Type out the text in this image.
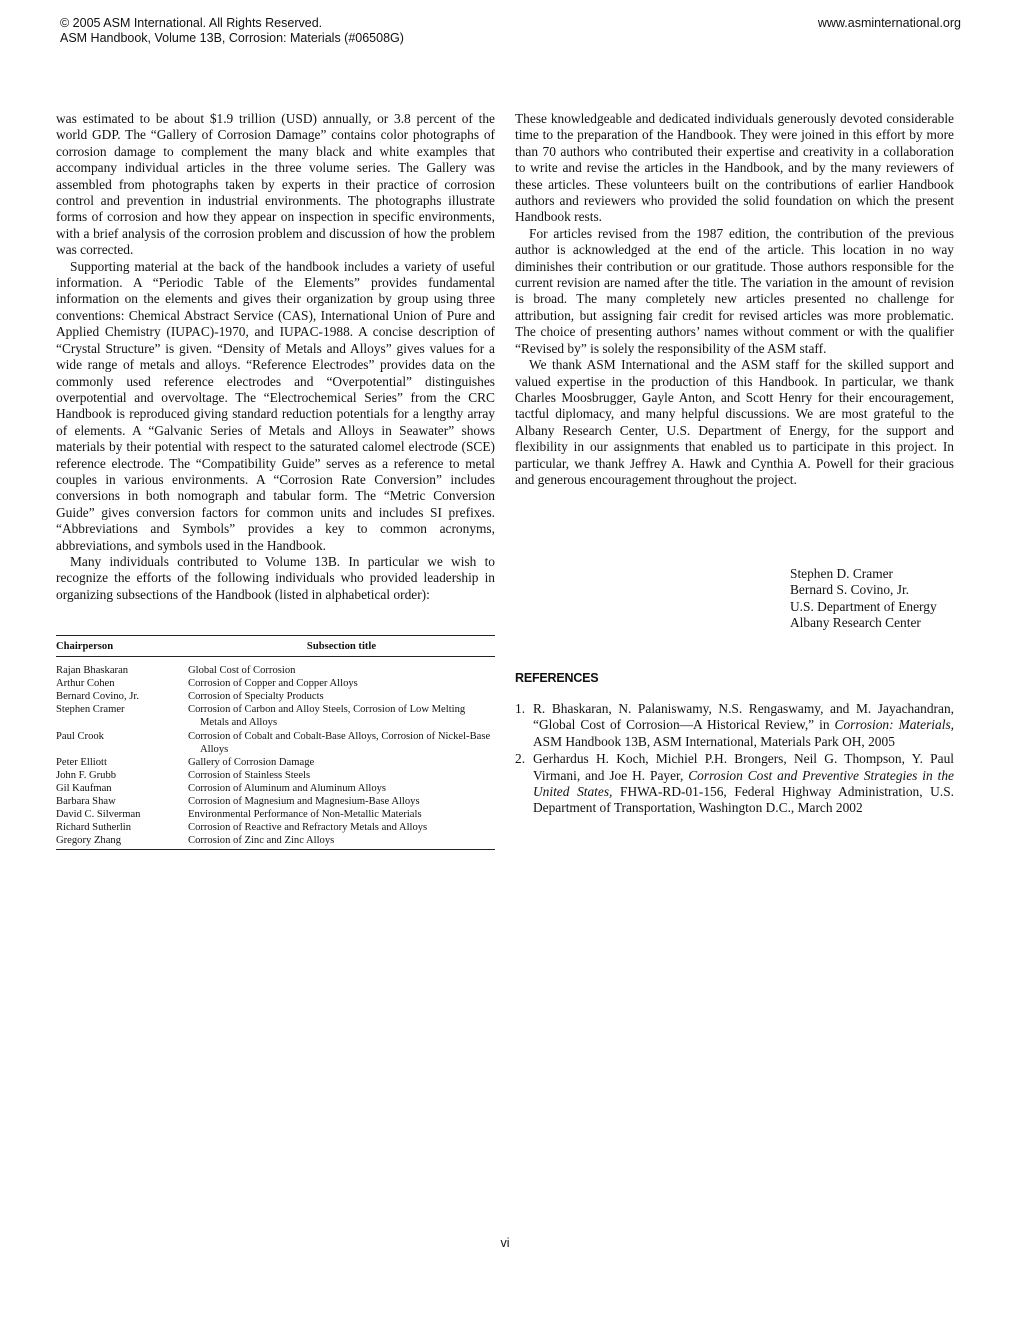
© 2005 ASM International. All Rights Reserved.
ASM Handbook, Volume 13B, Corrosion: Materials (#06508G)
www.asminternational.org

was estimated to be about $1.9 trillion (USD) annually, or 3.8 percent of the world GDP. The “Gallery of Corrosion Damage” contains color photographs of corrosion damage to complement the many black and white examples that accompany individual articles in the three volume series. The Gallery was assembled from photographs taken by experts in their practice of corrosion control and prevention in industrial environments. The photographs illustrate forms of corrosion and how they appear on inspection in specific environments, with a brief analysis of the corrosion problem and discussion of how the problem was corrected.

Supporting material at the back of the handbook includes a variety of useful information. A “Periodic Table of the Elements” provides fundamental information on the elements and gives their organization by group using three conventions: Chemical Abstract Service (CAS), International Union of Pure and Applied Chemistry (IUPAC)-1970, and IUPAC-1988. A concise description of “Crystal Structure” is given. “Density of Metals and Alloys” gives values for a wide range of metals and alloys. “Reference Electrodes” provides data on the commonly used reference electrodes and “Overpotential” distinguishes overpotential and overvoltage. The “Electrochemical Series” from the CRC Handbook is reproduced giving standard reduction potentials for a lengthy array of elements. A “Galvanic Series of Metals and Alloys in Seawater” shows materials by their potential with respect to the saturated calomel electrode (SCE) reference electrode. The “Compatibility Guide” serves as a reference to metal couples in various environments. A “Corrosion Rate Conversion” includes conversions in both nomograph and tabular form. The “Metric Conversion Guide” gives conversion factors for common units and includes SI prefixes. “Abbreviations and Symbols” provides a key to common acronyms, abbreviations, and symbols used in the Handbook.

Many individuals contributed to Volume 13B. In particular we wish to recognize the efforts of the following individuals who provided leadership in organizing subsections of the Handbook (listed in alphabetical order):

Chairperson	Subsection title
Rajan Bhaskaran	Global Cost of Corrosion
Arthur Cohen	Corrosion of Copper and Copper Alloys
Bernard Covino, Jr.	Corrosion of Specialty Products
Stephen Cramer	Corrosion of Carbon and Alloy Steels, Corrosion of Low Melting Metals and Alloys
Paul Crook	Corrosion of Cobalt and Cobalt-Base Alloys, Corrosion of Nickel-Base Alloys
Peter Elliott	Gallery of Corrosion Damage
John F. Grubb	Corrosion of Stainless Steels
Gil Kaufman	Corrosion of Aluminum and Aluminum Alloys
Barbara Shaw	Corrosion of Magnesium and Magnesium-Base Alloys
David C. Silverman	Environmental Performance of Non-Metallic Materials
Richard Sutherlin	Corrosion of Reactive and Refractory Metals and Alloys
Gregory Zhang	Corrosion of Zinc and Zinc Alloys

These knowledgeable and dedicated individuals generously devoted considerable time to the preparation of the Handbook. They were joined in this effort by more than 70 authors who contributed their expertise and creativity in a collaboration to write and revise the articles in the Handbook, and by the many reviewers of these articles. These volunteers built on the contributions of earlier Handbook authors and reviewers who provided the solid foundation on which the present Handbook rests.

For articles revised from the 1987 edition, the contribution of the previous author is acknowledged at the end of the article. This location in no way diminishes their contribution or our gratitude. Those authors responsible for the current revision are named after the title. The variation in the amount of revision is broad. The many completely new articles presented no challenge for attribution, but assigning fair credit for revised articles was more problematic. The choice of presenting authors’ names without comment or with the qualifier “Revised by” is solely the responsibility of the ASM staff.

We thank ASM International and the ASM staff for the skilled support and valued expertise in the production of this Handbook. In particular, we thank Charles Moosbrugger, Gayle Anton, and Scott Henry for their encouragement, tactful diplomacy, and many helpful discussions. We are most grateful to the Albany Research Center, U.S. Department of Energy, for the support and flexibility in our assignments that enabled us to participate in this project. In particular, we thank Jeffrey A. Hawk and Cynthia A. Powell for their gracious and generous encouragement throughout the project.

Stephen D. Cramer
Bernard S. Covino, Jr.
U.S. Department of Energy
Albany Research Center
REFERENCES
1. R. Bhaskaran, N. Palaniswamy, N.S. Rengaswamy, and M. Jayachandran, “Global Cost of Corrosion—A Historical Review,” in Corrosion: Materials, ASM Handbook 13B, ASM International, Materials Park OH, 2005
2. Gerhardus H. Koch, Michiel P.H. Brongers, Neil G. Thompson, Y. Paul Virmani, and Joe H. Payer, Corrosion Cost and Preventive Strategies in the United States, FHWA-RD-01-156, Federal Highway Administration, U.S. Department of Transportation, Washington D.C., March 2002
vi
